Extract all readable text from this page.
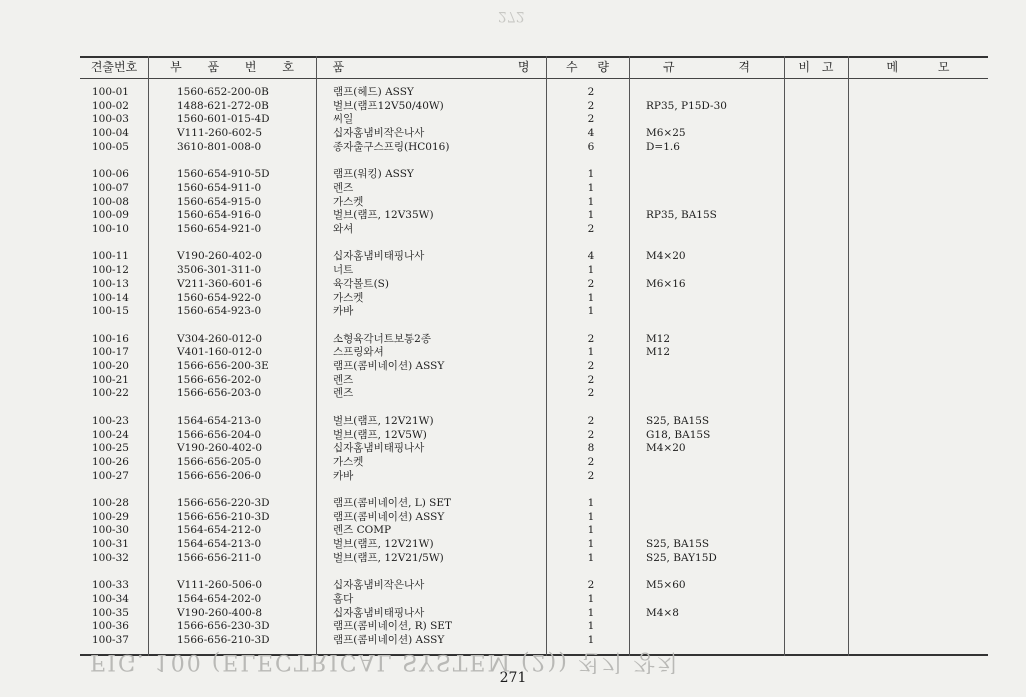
272
견출번호	부 품 번 호	품 명	수 량	규 격	비 고	메 모
100-01	1560-652-200-0B	램프(헤드) ASSY	2
100-02	1488-621-272-0B	벌브(램프12V50/40W)	2	RP35, P15D-30
100-03	1560-601-015-4D	씨일	2
100-04	V111-260-602-5	십자홈냄비작은나사	4	M6×25
100-05	3610-801-008-0	종자출구스프링(HC016)	6	D=1.6
100-06	1560-654-910-5D	램프(워킹) ASSY	1
100-07	1560-654-911-0	렌즈	1
100-08	1560-654-915-0	가스켓	1
100-09	1560-654-916-0	벌브(램프, 12V35W)	1	RP35, BA15S
100-10	1560-654-921-0	와셔	2
100-11	V190-260-402-0	십자홈냄비태핑나사	4	M4×20
100-12	3506-301-311-0	너트	1
100-13	V211-360-601-6	육각볼트(S)	2	M6×16
100-14	1560-654-922-0	가스켓	1
100-15	1560-654-923-0	카바	1
100-16	V304-260-012-0	소형육각너트보통2종	2	M12
100-17	V401-160-012-0	스프링와셔	1	M12
100-20	1566-656-200-3E	램프(콤비네이션) ASSY	2
100-21	1566-656-202-0	렌즈	2
100-22	1566-656-203-0	렌즈	2
100-23	1564-654-213-0	벌브(램프, 12V21W)	2	S25, BA15S
100-24	1566-656-204-0	벌브(램프, 12V5W)	2	G18, BA15S
100-25	V190-260-402-0	십자홈냄비태핑나사	8	M4×20
100-26	1566-656-205-0	가스켓	2
100-27	1566-656-206-0	카바	2
100-28	1566-656-220-3D	램프(콤비네이션, L) SET	1
100-29	1566-656-210-3D	램프(콤비네이션) ASSY	1
100-30	1564-654-212-0	렌즈 COMP	1
100-31	1564-654-213-0	벌브(램프, 12V21W)	1	S25, BA15S
100-32	1566-656-211-0	벌브(램프, 12V21/5W)	1	S25, BAY15D
100-33	V111-260-506-0	십자홈냄비작은나사	2	M5×60
100-34	1564-654-202-0	홈다	1
100-35	V190-260-400-8	십자홈냄비태핑나사	1	M4×8
100-36	1566-656-230-3D	램프(콤비네이션, R) SET	1
100-37	1566-656-210-3D	램프(콤비네이션) ASSY	1
FIG. 100 (ELECTRICAL SYSTEM (2)) 전기 장치
271
